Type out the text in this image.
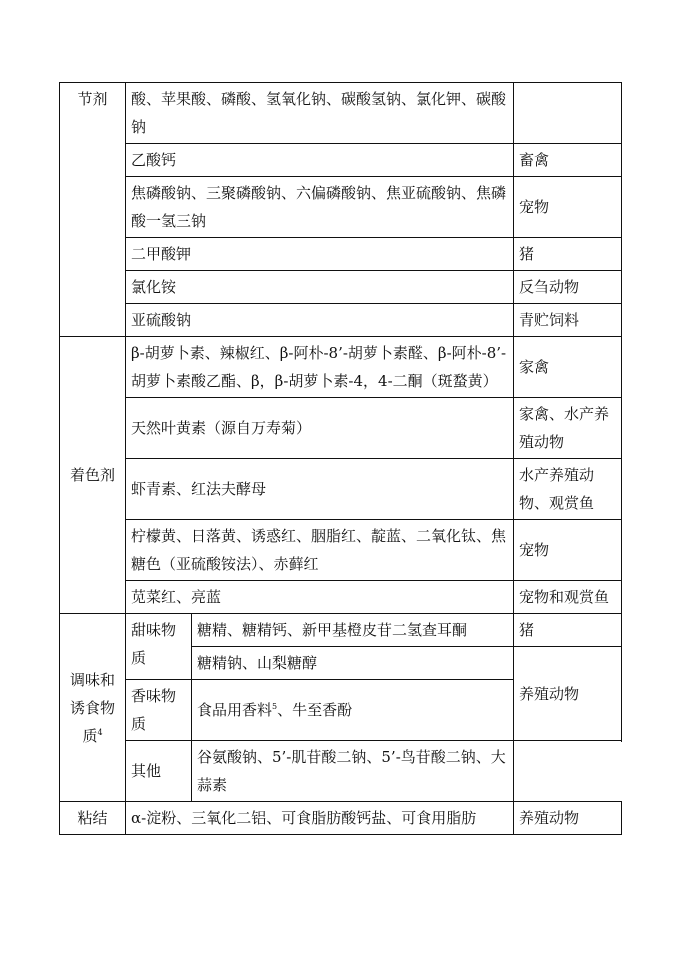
节剂	酸、苹果酸、磷酸、氢氧化钠、碳酸氢钠、氯化钾、碳酸钠		
	乙酸钙		畜禽
	焦磷酸钠、三聚磷酸钠、六偏磷酸钠、焦亚硫酸钠、焦磷酸一氢三钠		宠物
	二甲酸钾		猪
	氯化铵		反刍动物
	亚硫酸钠		青贮饲料
着色剂	β-胡萝卜素、辣椒红、β-阿朴-8’-胡萝卜素醛、β-阿朴-8’-胡萝卜素酸乙酯、β，β-胡萝卜素-4，4-二酮（斑蝥黄）		家禽
	天然叶黄素（源自万寿菊）		家禽、水产养殖动物
	虾青素、红法夫酵母		水产养殖动物、观赏鱼
	柠檬黄、日落黄、诱惑红、胭脂红、靛蓝、二氧化钛、焦糖色（亚硫酸铵法）、赤藓红		宠物
	苋菜红、亮蓝		宠物和观赏鱼
调味和诱食物质$^4$	甜味物质	糖精、糖精钙、新甲基橙皮苷二氢查耳酮	猪
		糖精钠、山梨糖醇	养殖动物
	香味物质	食品用香料$^5$、牛至香酚	

	其他	谷氨酸钠、5’-肌苷酸二钠、5’-鸟苷酸二钠、大蒜素	
粘结	α-淀粉、三氧化二铝、可食脂肪酸钙盐、可食用脂肪		养殖动物
